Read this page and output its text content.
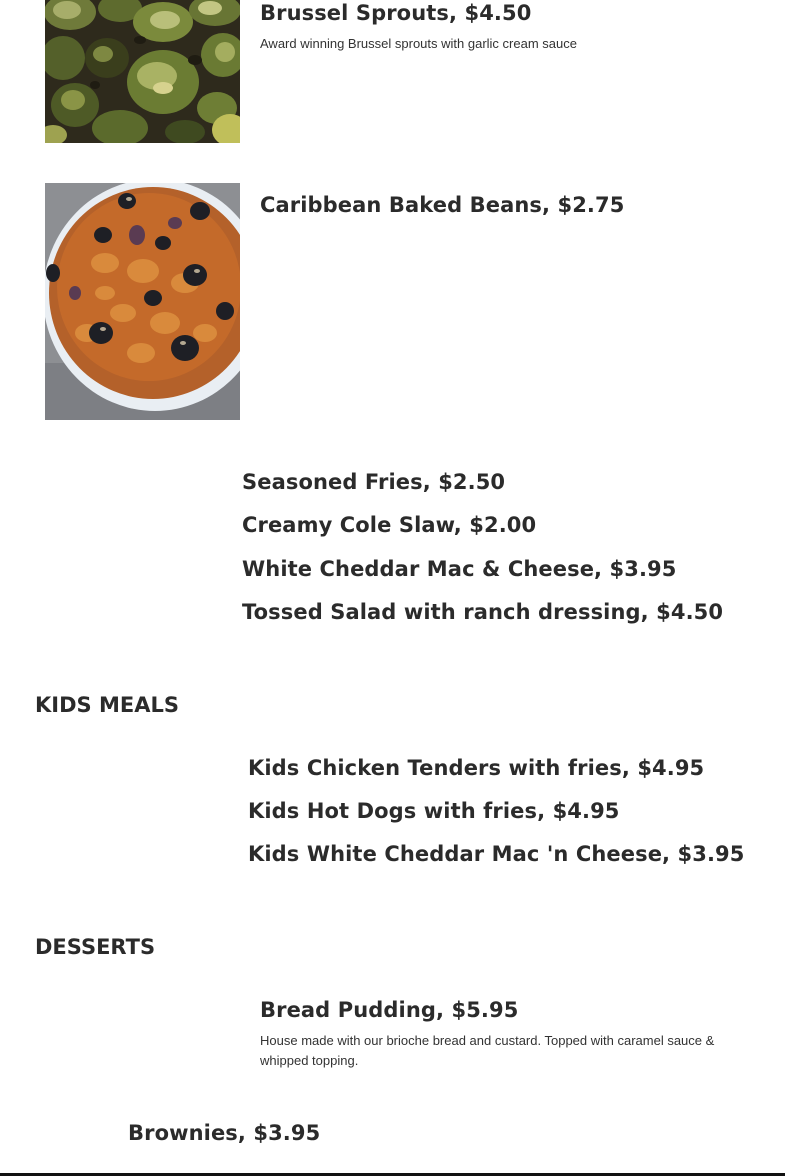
Brussel Sprouts, $4.50
Award winning Brussel sprouts with garlic cream sauce
Caribbean Baked Beans, $2.75
Seasoned Fries, $2.50
Creamy Cole Slaw, $2.00
White Cheddar Mac & Cheese, $3.95
Tossed Salad with ranch dressing, $4.50
KIDS MEALS
Kids Chicken Tenders with fries, $4.95
Kids Hot Dogs with fries, $4.95
Kids White Cheddar Mac 'n Cheese, $3.95
DESSERTS
Bread Pudding, $5.95
House made with our brioche bread and custard. Topped with caramel sauce & whipped topping.
Brownies, $3.95
